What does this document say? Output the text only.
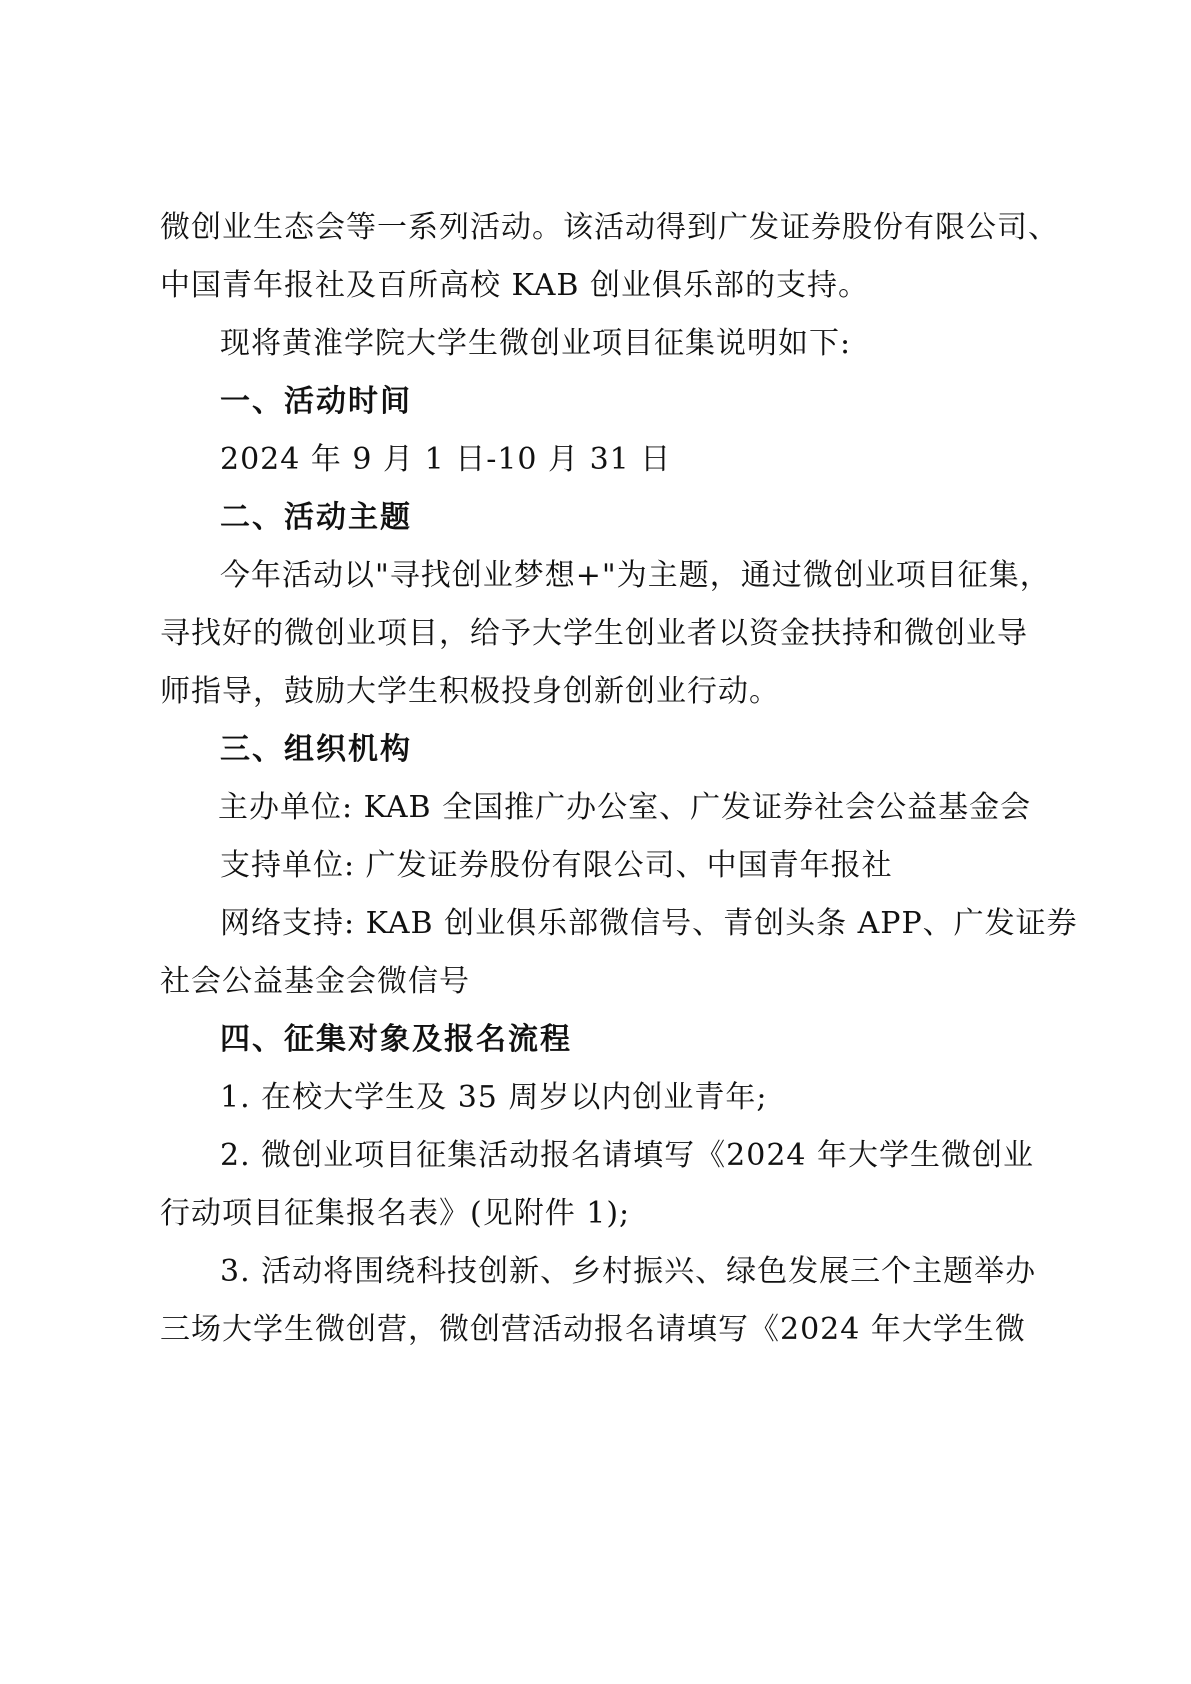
微创业生态会等一系列活动。该活动得到广发证券股份有限公司、
中国青年报社及百所高校 KAB 创业俱乐部的支持。
现将黄淮学院大学生微创业项目征集说明如下:
一、活动时间
2024 年 9 月 1 日-10 月 31 日
二、活动主题
今年活动以"寻找创业梦想+"为主题，通过微创业项目征集，
寻找好的微创业项目，给予大学生创业者以资金扶持和微创业导
师指导，鼓励大学生积极投身创新创业行动。
三、组织机构
主办单位: KAB 全国推广办公室、广发证券社会公益基金会
支持单位: 广发证券股份有限公司、中国青年报社
网络支持: KAB 创业俱乐部微信号、青创头条 APP、广发证券
社会公益基金会微信号
四、征集对象及报名流程
1. 在校大学生及 35 周岁以内创业青年;
2. 微创业项目征集活动报名请填写《2024 年大学生微创业
行动项目征集报名表》(见附件 1);
3. 活动将围绕科技创新、乡村振兴、绿色发展三个主题举办
三场大学生微创营，微创营活动报名请填写《2024 年大学生微
